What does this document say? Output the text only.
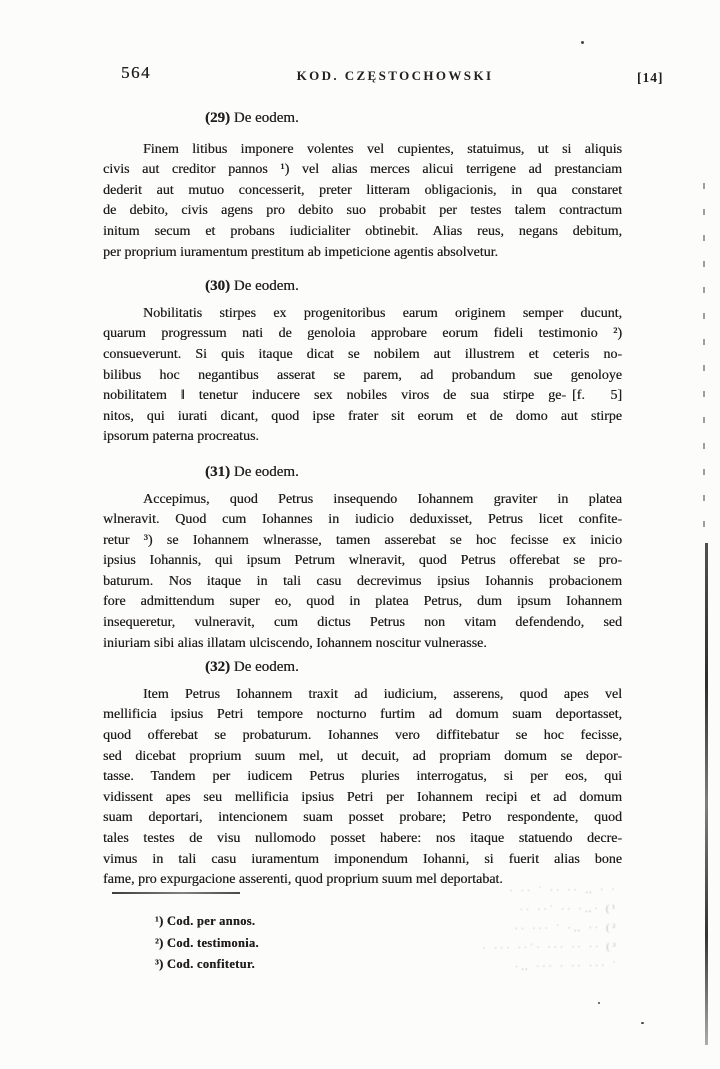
564	KOD. CZĘSTOCHOWSKI	[14]
(29) De eodem.
Finem litibus imponere volentes vel cupientes, statuimus, ut si aliquis
civis aut creditor pannos ¹) vel alias merces alicui terrigene ad prestanciam
dederit aut mutuo concesserit, preter litteram obligacionis, in qua constaret
de debito, civis agens pro debito suo probabit per testes talem contractum
initum secum et probans iudicialiter obtinebit. Alias reus, negans debitum,
per proprium iuramentum prestitum ab impeticione agentis absolvetur.
(30) De eodem.
Nobilitatis stirpes ex progenitoribus earum originem semper ducunt,
quarum progressum nati de genoloia approbare eorum fideli testimonio ²)
consueverunt. Si quis itaque dicat se nobilem aut illustrem et ceteris no-
bilibus hoc negantibus asserat se parem, ad probandum sue genoloye
nobilitatem ‖ tenetur inducere sex nobiles viros de sua stirpe ge- [f. 5]
nitos, qui iurati dicant, quod ipse frater sit eorum et de domo aut stirpe
ipsorum paterna procreatus.
(31) De eodem.
Accepimus, quod Petrus insequendo Iohannem graviter in platea
wlneravit. Quod cum Iohannes in iudicio deduxisset, Petrus licet confite-
retur ³) se Iohannem wlnerasse, tamen asserebat se hoc fecisse ex inicio
ipsius Iohannis, qui ipsum Petrum wlneravit, quod Petrus offerebat se pro-
baturum. Nos itaque in tali casu decrevimus ipsius Iohannis probacionem
fore admittendum super eo, quod in platea Petrus, dum ipsum Iohannem
insequeretur, vulneravit, cum dictus Petrus non vitam defendendo, sed
iniuriam sibi alias illatam ulciscendo, Iohannem noscitur vulnerasse.
(32) De eodem.
Item Petrus Iohannem traxit ad iudicium, asserens, quod apes vel
mellificia ipsius Petri tempore nocturno furtim ad domum suam deportasset,
quod offerebat se probaturum. Iohannes vero diffitebatur se hoc fecisse,
sed dicebat proprium suum mel, ut decuit, ad propriam domum se depor-
tasse. Tandem per iudicem Petrus pluries interrogatus, si per eos, qui
vidissent apes seu mellificia ipsius Petri per Iohannem recipi et ad domum
suam deportari, intencionem suam posset probare; Petro respondente, quod
tales testes de visu nullomodo posset habere: nos itaque statuendo decre-
vimus in tali casu iuramentum imponendum Iohanni, si fuerit alias bone
fame, pro expurgacione asserenti, quod proprium suum mel deportabat.
¹) Cod. per annos.
²) Cod. testimonia.
³) Cod. confitetur.
· ·· ˙ ·· ·· ‥ · ·
·· ··˙ ·· ·‥· (¹
·· ··· ˙ ·‥ ·· (²
· ··· ··˙· ··· ·· ·· (³
·‥ ··· · ·· ··· ˙
